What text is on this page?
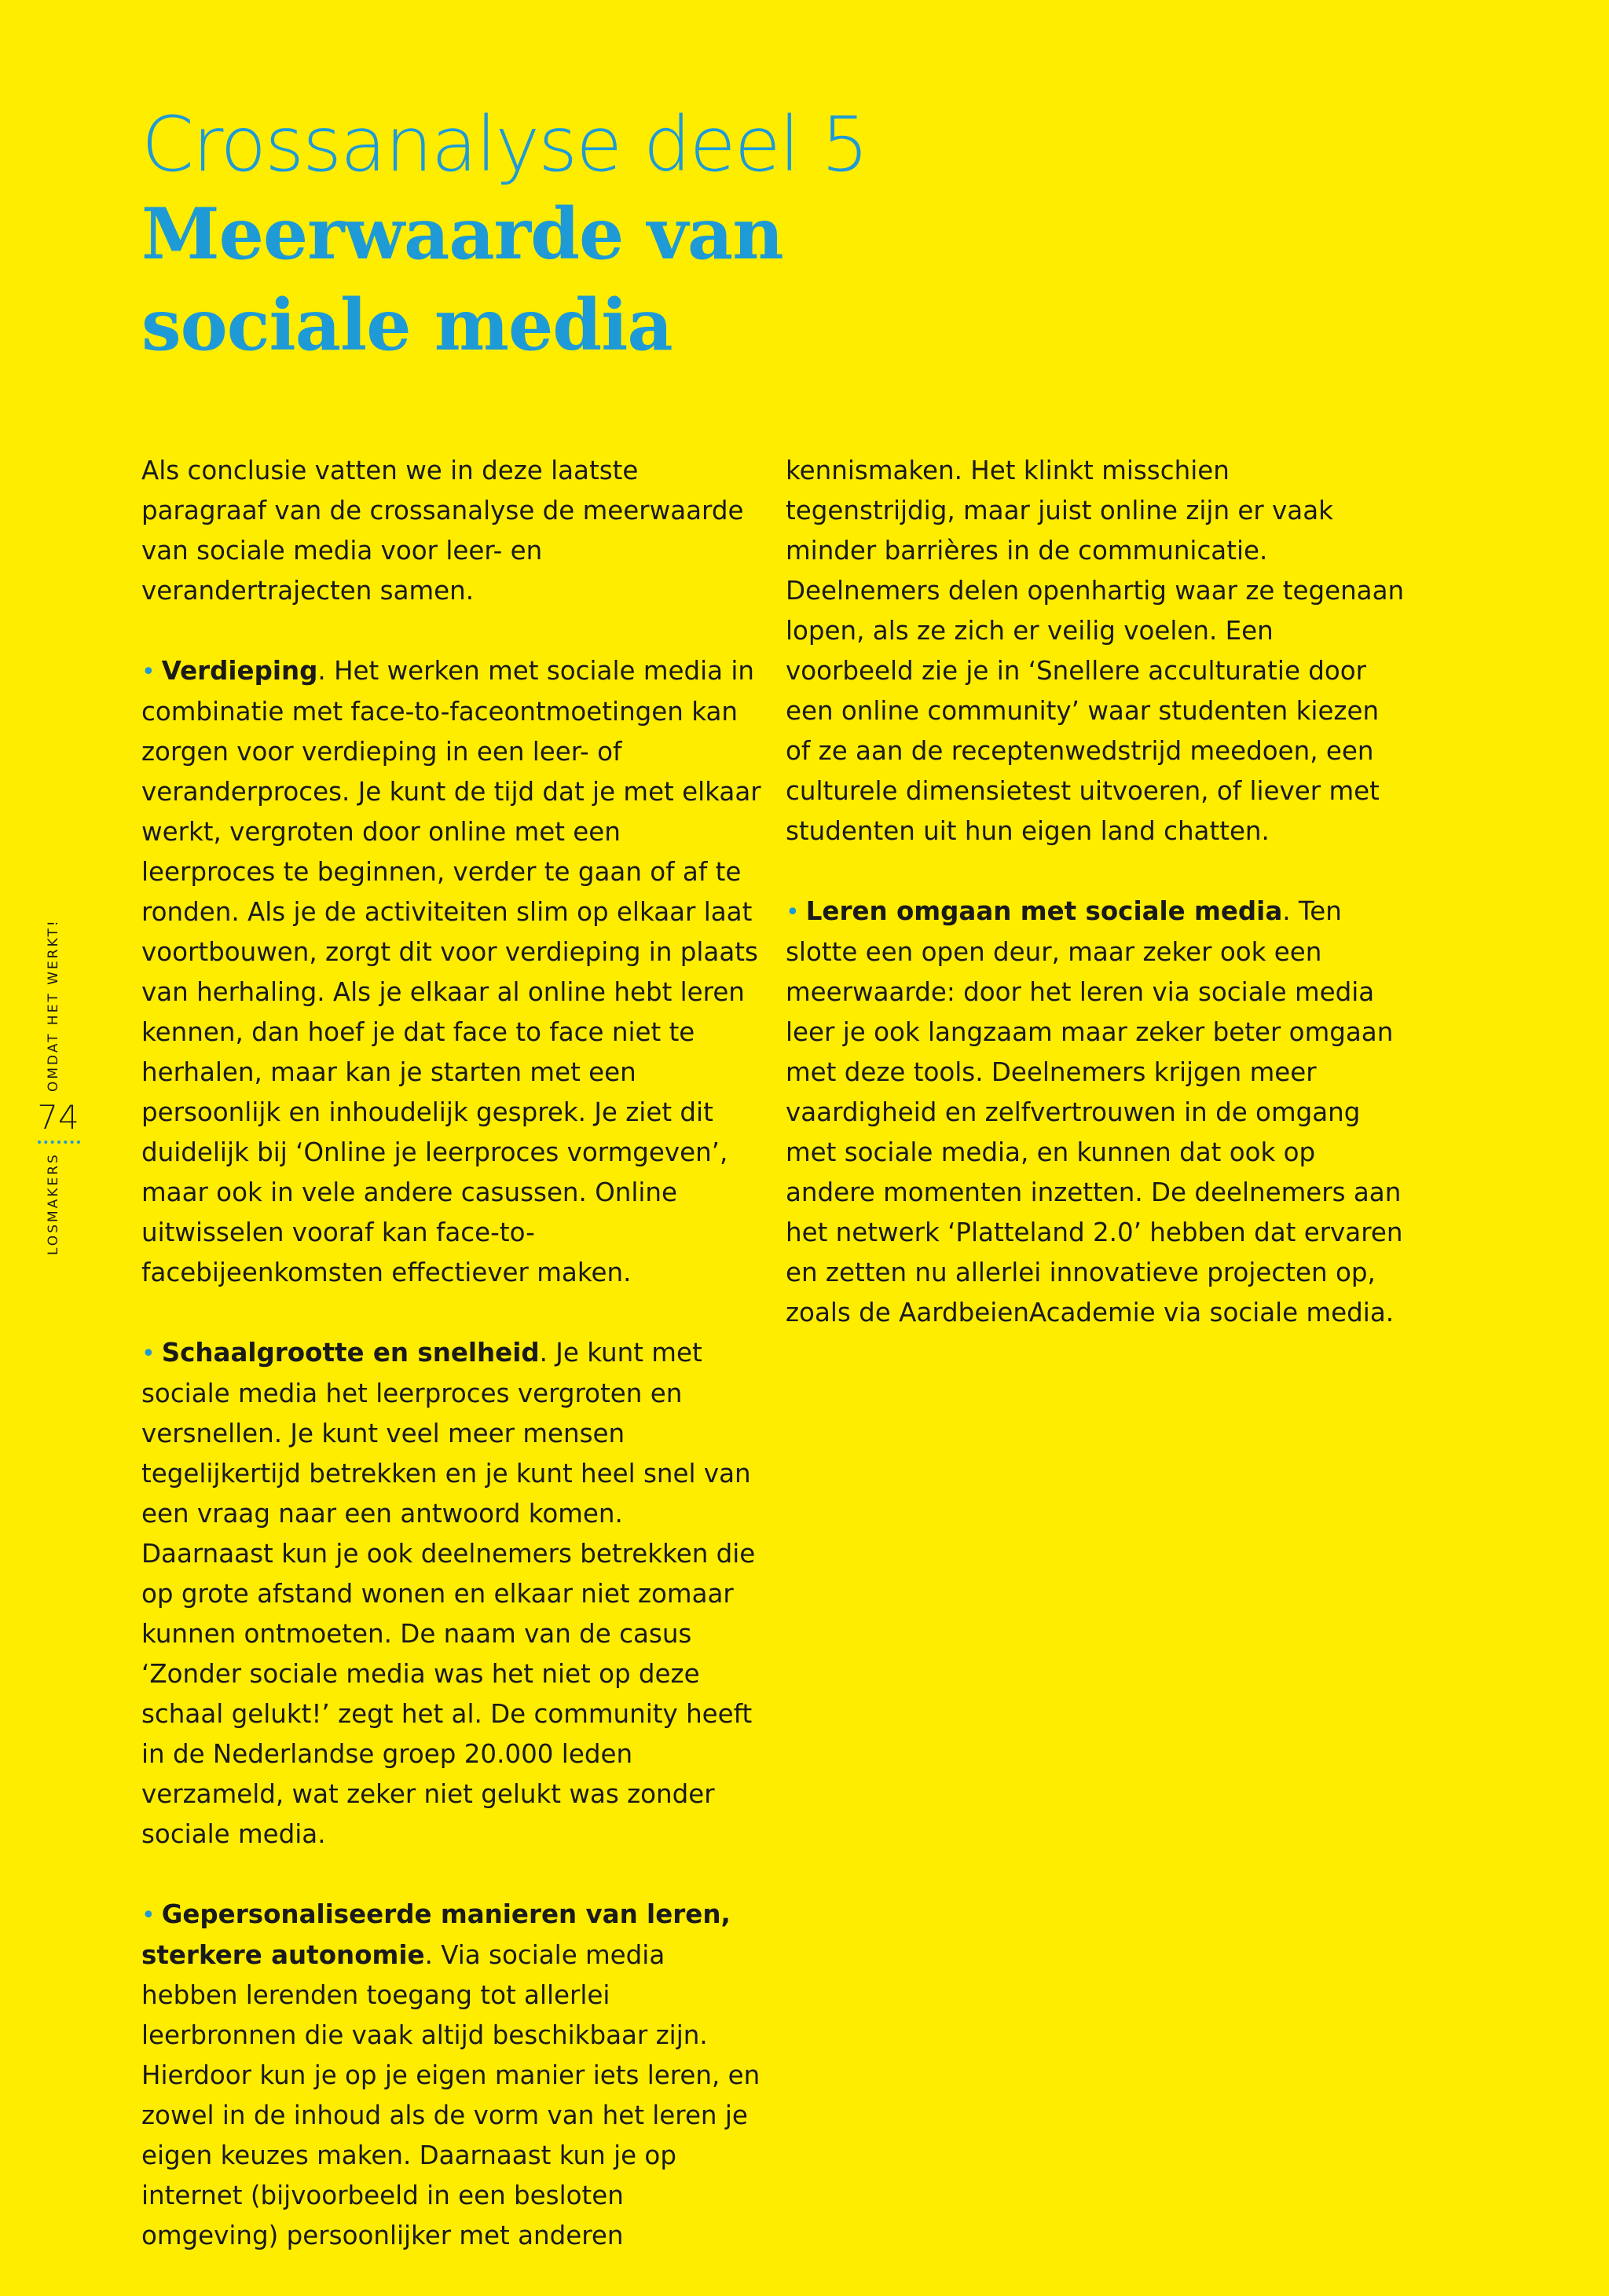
Crossanalyse deel 5
Meerwaarde van
sociale media
OMDAT HET WERKT!
74
LOSMAKERS

Als conclusie vatten we in deze laatste paragraaf van de crossanalyse de meerwaarde van sociale media voor leer- en verandertrajecten samen.

• Verdieping. Het werken met sociale media in combinatie met face-to-faceontmoetingen kan zorgen voor verdieping in een leer- of veranderproces. Je kunt de tijd dat je met elkaar werkt, vergroten door online met een leerproces te beginnen, verder te gaan of af te ronden. Als je de activiteiten slim op elkaar laat voortbouwen, zorgt dit voor verdieping in plaats van herhaling. Als je elkaar al online hebt leren kennen, dan hoef je dat face to face niet te herhalen, maar kan je starten met een persoonlijk en inhoudelijk gesprek. Je ziet dit duidelijk bij ‘Online je leerproces vormgeven’, maar ook in vele andere casussen. Online uitwisselen vooraf kan face-to-facebijeenkomsten effectiever maken.

• Schaalgrootte en snelheid. Je kunt met sociale media het leerproces vergroten en versnellen. Je kunt veel meer mensen tegelijkertijd betrekken en je kunt heel snel van een vraag naar een antwoord komen. Daarnaast kun je ook deelnemers betrekken die op grote afstand wonen en elkaar niet zomaar kunnen ontmoeten. De naam van de casus ‘Zonder sociale media was het niet op deze schaal gelukt!’ zegt het al. De community heeft in de Nederlandse groep 20.000 leden verzameld, wat zeker niet gelukt was zonder sociale media.

• Gepersonaliseerde manieren van leren, sterkere autonomie. Via sociale media hebben lerenden toegang tot allerlei leerbronnen die vaak altijd beschikbaar zijn. Hierdoor kun je op je eigen manier iets leren, en zowel in de inhoud als de vorm van het leren je eigen keuzes maken. Daarnaast kun je op internet (bijvoorbeeld in een besloten omgeving) persoonlijker met anderen

kennismaken. Het klinkt misschien tegenstrijdig, maar juist online zijn er vaak minder barrières in de communicatie. Deelnemers delen openhartig waar ze tegenaan lopen, als ze zich er veilig voelen. Een voorbeeld zie je in ‘Snellere acculturatie door een online community’ waar studenten kiezen of ze aan de receptenwedstrijd meedoen, een culturele dimensietest uitvoeren, of liever met studenten uit hun eigen land chatten.

• Leren omgaan met sociale media. Ten slotte een open deur, maar zeker ook een meerwaarde: door het leren via sociale media leer je ook langzaam maar zeker beter omgaan met deze tools. Deelnemers krijgen meer vaardigheid en zelfvertrouwen in de omgang met sociale media, en kunnen dat ook op andere momenten inzetten. De deelnemers aan het netwerk ‘Platteland 2.0’ hebben dat ervaren en zetten nu allerlei innovatieve projecten op, zoals de AardbeienAcademie via sociale media.
